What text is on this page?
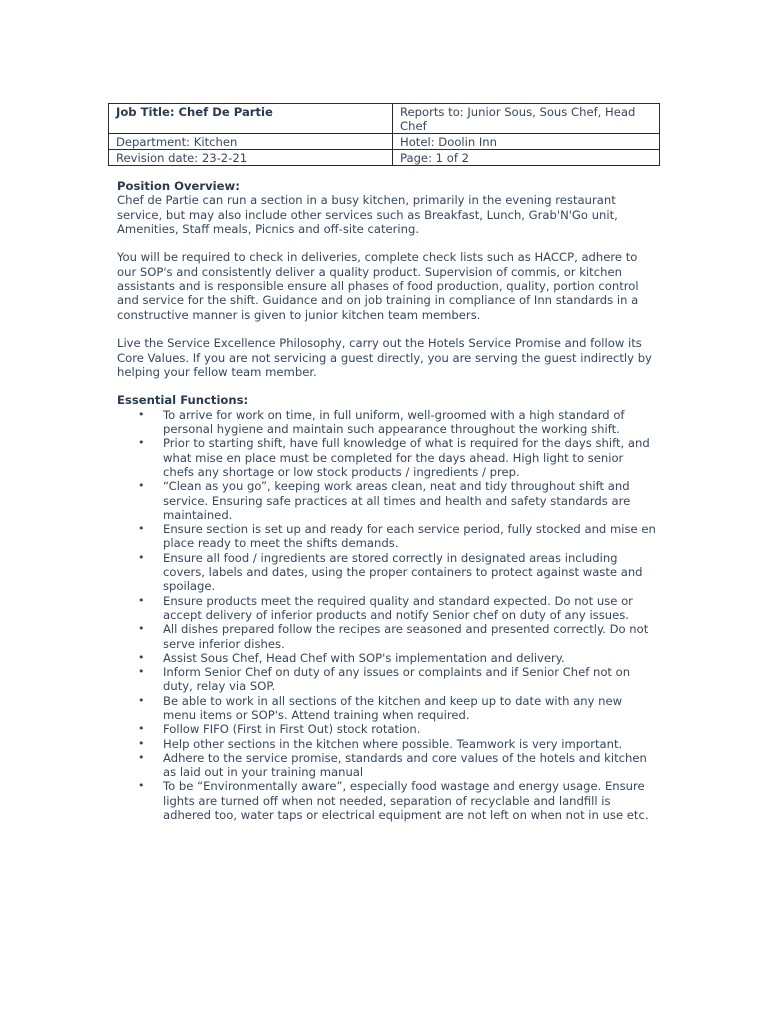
Job Title: Chef De Partie	Reports to: Junior Sous, Sous Chef, Head Chef
Department: Kitchen	Hotel: Doolin Inn
Revision date: 23-2-21	Page: 1 of 2

Position Overview:

Chef de Partie can run a section in a busy kitchen, primarily in the evening restaurant service, but may also include other services such as Breakfast, Lunch, Grab'N'Go unit, Amenities, Staff meals, Picnics and off-site catering.

You will be required to check in deliveries, complete check lists such as HACCP, adhere to our SOP's and consistently deliver a quality product. Supervision of commis, or kitchen assistants and is responsible ensure all phases of food production, quality, portion control and service for the shift. Guidance and on job training in compliance of Inn standards in a constructive manner is given to junior kitchen team members.

Live the Service Excellence Philosophy, carry out the Hotels Service Promise and follow its Core Values. If you are not servicing a guest directly, you are serving the guest indirectly by helping your fellow team member.

Essential Functions:

• To arrive for work on time, in full uniform, well-groomed with a high standard of personal hygiene and maintain such appearance throughout the working shift.
• Prior to starting shift, have full knowledge of what is required for the days shift, and what mise en place must be completed for the days ahead. High light to senior chefs any shortage or low stock products / ingredients / prep.
• “Clean as you go”, keeping work areas clean, neat and tidy throughout shift and service. Ensuring safe practices at all times and health and safety standards are maintained.
• Ensure section is set up and ready for each service period, fully stocked and mise en place ready to meet the shifts demands.
• Ensure all food / ingredients are stored correctly in designated areas including covers, labels and dates, using the proper containers to protect against waste and spoilage.
• Ensure products meet the required quality and standard expected. Do not use or accept delivery of inferior products and notify Senior chef on duty of any issues.
• All dishes prepared follow the recipes are seasoned and presented correctly. Do not serve inferior dishes.
• Assist Sous Chef, Head Chef with SOP's implementation and delivery.
• Inform Senior Chef on duty of any issues or complaints and if Senior Chef not on duty, relay via SOP.
• Be able to work in all sections of the kitchen and keep up to date with any new menu items or SOP's. Attend training when required.
• Follow FIFO (First in First Out) stock rotation.
• Help other sections in the kitchen where possible. Teamwork is very important.
• Adhere to the service promise, standards and core values of the hotels and kitchen as laid out in your training manual
• To be “Environmentally aware”, especially food wastage and energy usage. Ensure lights are turned off when not needed, separation of recyclable and landfill is adhered too, water taps or electrical equipment are not left on when not in use etc.
